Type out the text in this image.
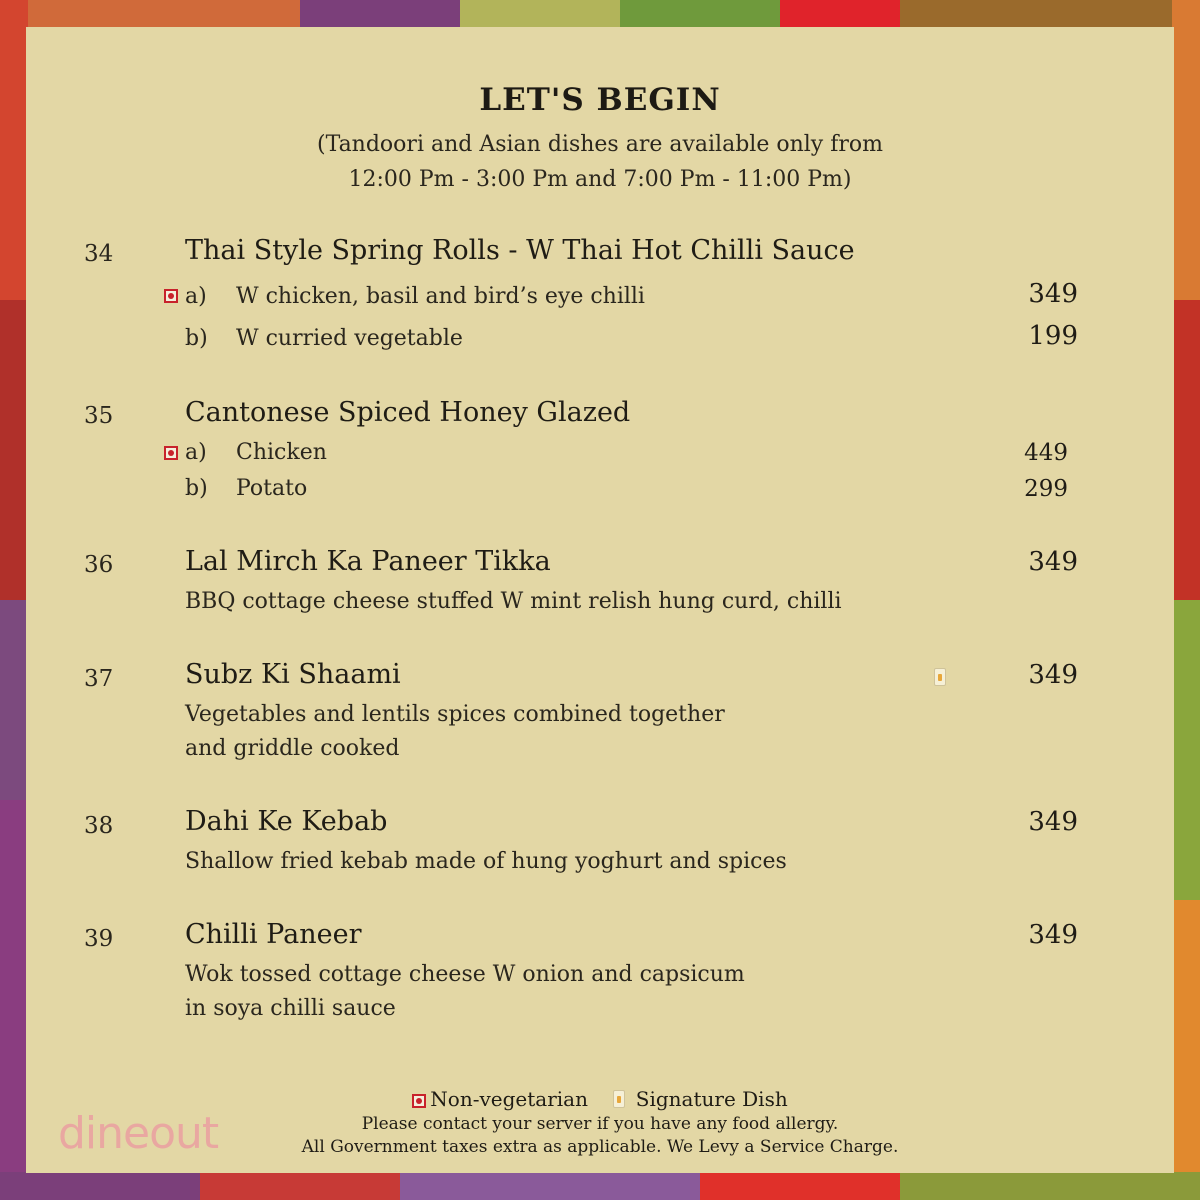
LET'S BEGIN
(Tandoori and Asian dishes are available only from
12:00 Pm - 3:00 Pm and 7:00 Pm - 11:00 Pm)
34	Thai Style Spring Rolls - W Thai Hot Chilli Sauce
a) W chicken, basil and bird’s eye chilli	349
b) W curried vegetable	199
35	Cantonese Spiced Honey Glazed
a) Chicken	449
b) Potato	299
36	Lal Mirch Ka Paneer Tikka	349
BBQ cottage cheese stuffed W mint relish hung curd, chilli
37	Subz Ki Shaami	349
Vegetables and lentils spices combined together
and griddle cooked
38	Dahi Ke Kebab	349
Shallow fried kebab made of hung yoghurt and spices
39	Chilli Paneer	349
Wok tossed cottage cheese W onion and capsicum
in soya chilli sauce
Non-vegetarian Signature Dish
Please contact your server if you have any food allergy.
All Government taxes extra as applicable. We Levy a Service Charge.
dineout
